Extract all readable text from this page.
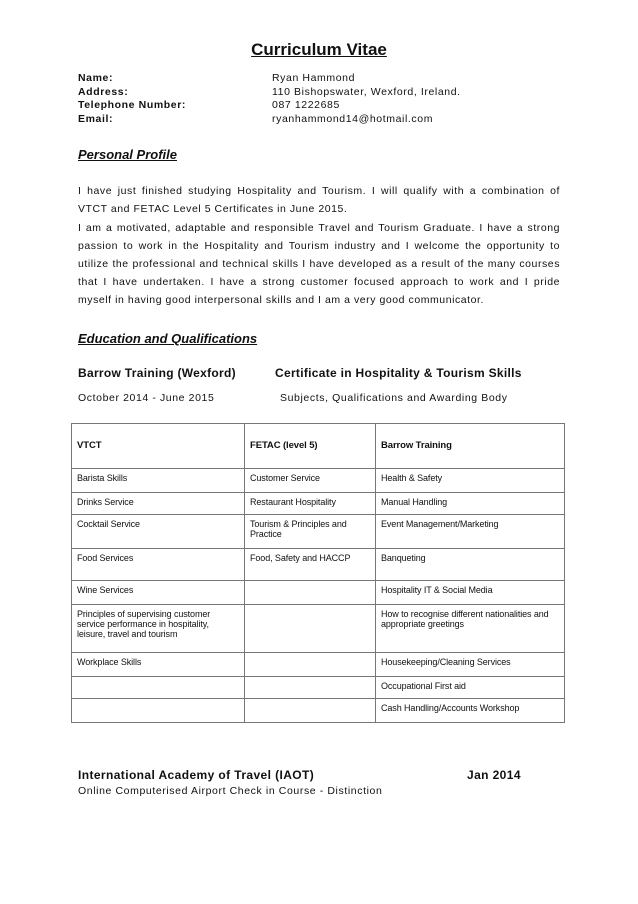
Curriculum Vitae
Name:	Ryan Hammond
Address:	110 Bishopswater, Wexford, Ireland.
Telephone Number:	087 1222685
Email:	ryanhammond14@hotmail.com
Personal Profile
I have just finished studying Hospitality and Tourism. I will qualify with a combination of VTCT and FETAC Level 5 Certificates in June 2015.
I am a motivated, adaptable and responsible Travel and Tourism Graduate. I have a strong passion to work in the Hospitality and Tourism industry and I welcome the opportunity to utilize the professional and technical skills I have developed as a result of the many courses that I have undertaken. I have a strong customer focused approach to work and I pride myself in having good interpersonal skills and I am a very good communicator.
Education and Qualifications
Barrow Training (Wexford)	Certificate in Hospitality & Tourism Skills
October 2014 - June 2015	Subjects, Qualifications and Awarding Body
VTCT	FETAC (level 5)	Barrow Training
Barista Skills	Customer Service	Health & Safety
Drinks Service	Restaurant Hospitality	Manual Handling
Cocktail Service	Tourism & Principles and Practice	Event Management/Marketing
Food Services	Food, Safety and HACCP	Banqueting
Wine Services		Hospitality IT & Social Media
Principles of supervising customer service performance in hospitality, leisure, travel and tourism		How to recognise different nationalities and appropriate greetings
Workplace Skills		Housekeeping/Cleaning Services
		Occupational First aid
		Cash Handling/Accounts Workshop
International Academy of Travel (IAOT)	Jan 2014
Online Computerised Airport Check in Course - Distinction
